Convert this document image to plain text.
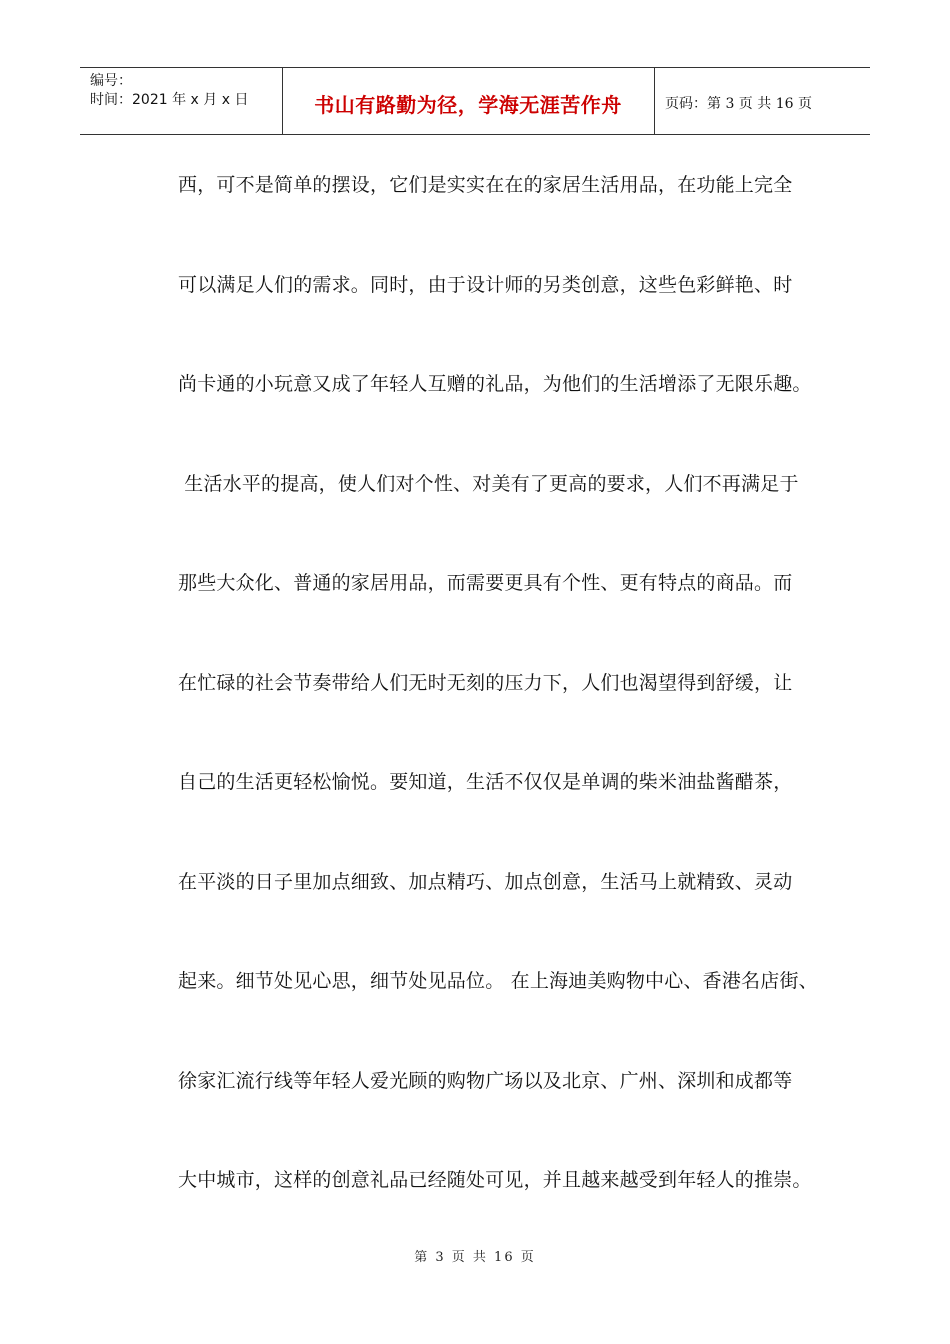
编号：
时间：2021 年 x 月 x 日	书山有路勤为径，学海无涯苦作舟	页码：第 3 页 共 16 页
西，可不是简单的摆设，它们是实实在在的家居生活用品，在功能上完全
可以满足人们的需求。同时，由于设计师的另类创意，这些色彩鲜艳、时
尚卡通的小玩意又成了年轻人互赠的礼品，为他们的生活增添了无限乐趣。
生活水平的提高，使人们对个性、对美有了更高的要求，人们不再满足于
那些大众化、普通的家居用品，而需要更具有个性、更有特点的商品。而
在忙碌的社会节奏带给人们无时无刻的压力下，人们也渴望得到舒缓，让
自己的生活更轻松愉悦。要知道，生活不仅仅是单调的柴米油盐酱醋茶，
在平淡的日子里加点细致、加点精巧、加点创意，生活马上就精致、灵动
起来。细节处见心思，细节处见品位。 在上海迪美购物中心、香港名店街、
徐家汇流行线等年轻人爱光顾的购物广场以及北京、广州、深圳和成都等
大中城市，这样的创意礼品已经随处可见，并且越来越受到年轻人的推崇。
第 3 页 共 16 页
